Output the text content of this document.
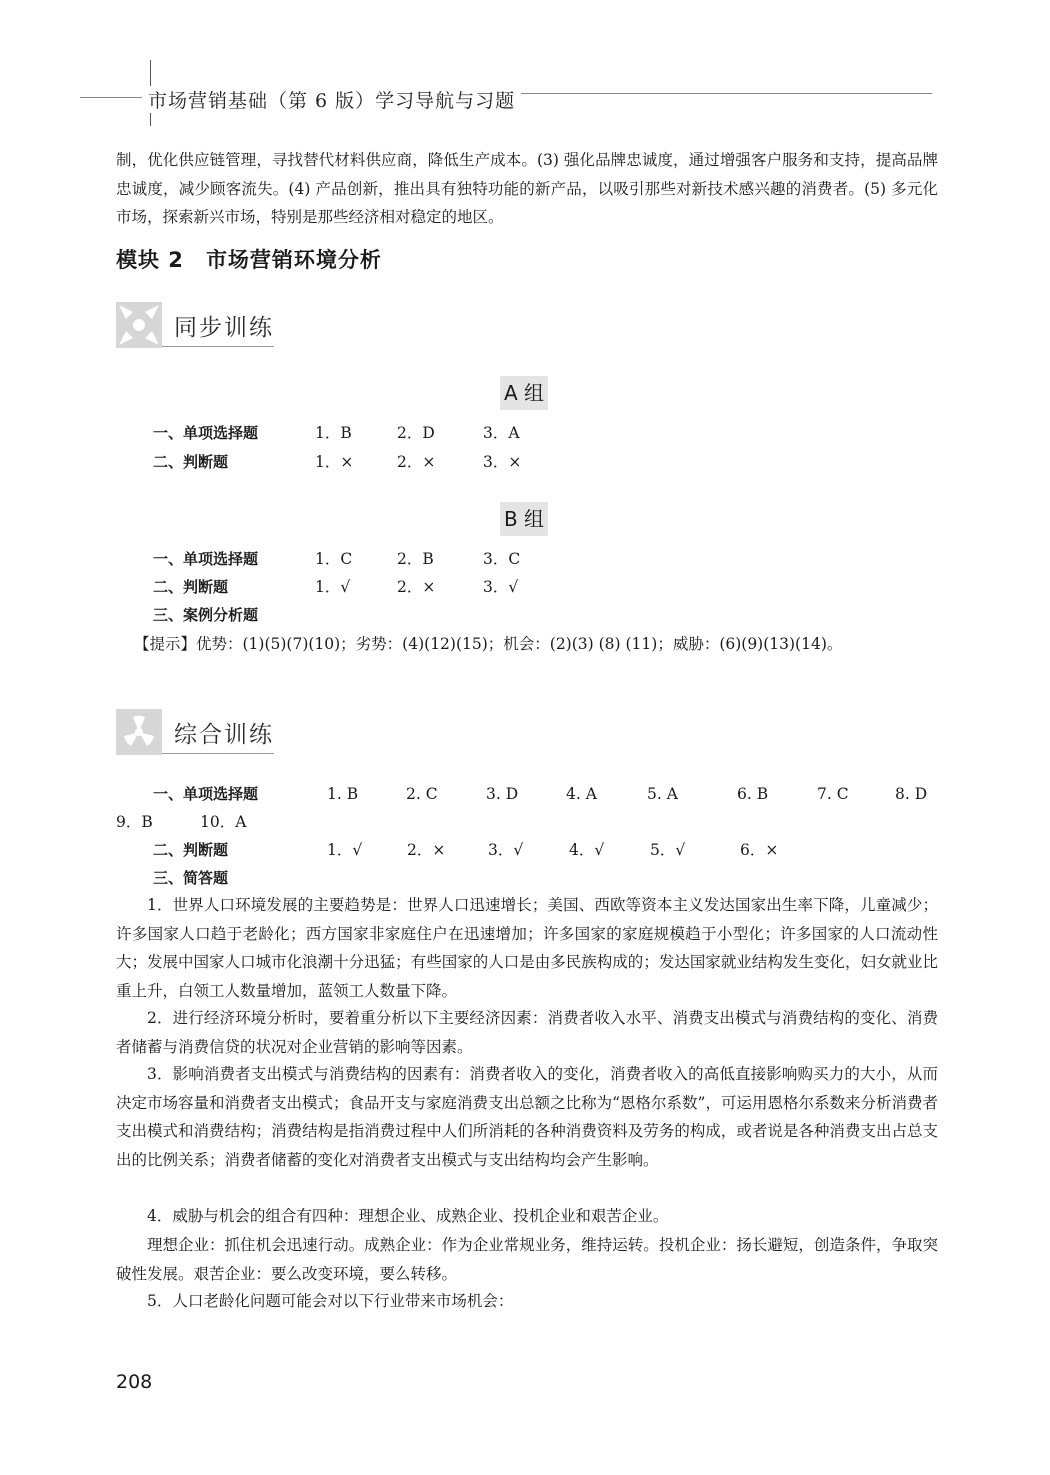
市场营销基础（第 6 版）学习导航与习题
制，优化供应链管理，寻找替代材料供应商，降低生产成本。(3) 强化品牌忠诚度，通过增强客户服务和支持，提高品牌忠诚度，减少顾客流失。(4) 产品创新，推出具有独特功能的新产品，以吸引那些对新技术感兴趣的消费者。(5) 多元化市场，探索新兴市场，特别是那些经济相对稳定的地区。
模块 2 市场营销环境分析
同步训练
A 组
一、单项选择题	1．B	2．D	3．A
二、判断题	1．×	2．×	3．×
B 组
一、单项选择题	1．C	2．B	3．C
二、判断题	1．√	2．×	3．√
三、案例分析题
【提示】优势：(1)(5)(7)(10)；劣势：(4)(12)(15)；机会：(2)(3) (8) (11)；威胁：(6)(9)(13)(14)。
综合训练
一、单项选择题	1. B	2. C	3. D	4. A	5. A	6. B	7. C	8. D
9．B	10．A
二、判断题	1．√	2．×	3．√	4．√	5．√	6．×
三、简答题
1．世界人口环境发展的主要趋势是：世界人口迅速增长；美国、西欧等资本主义发达国家出生率下降，儿童减少；许多国家人口趋于老龄化；西方国家非家庭住户在迅速增加；许多国家的家庭规模趋于小型化；许多国家的人口流动性大；发展中国家人口城市化浪潮十分迅猛；有些国家的人口是由多民族构成的；发达国家就业结构发生变化，妇女就业比重上升，白领工人数量增加，蓝领工人数量下降。
2．进行经济环境分析时，要着重分析以下主要经济因素：消费者收入水平、消费支出模式与消费结构的变化、消费者储蓄与消费信贷的状况对企业营销的影响等因素。
3．影响消费者支出模式与消费结构的因素有：消费者收入的变化，消费者收入的高低直接影响购买力的大小，从而决定市场容量和消费者支出模式；食品开支与家庭消费支出总额之比称为“恩格尔系数”，可运用恩格尔系数来分析消费者支出模式和消费结构；消费结构是指消费过程中人们所消耗的各种消费资料及劳务的构成，或者说是各种消费支出占总支出的比例关系；消费者储蓄的变化对消费者支出模式与支出结构均会产生影响。
4．威胁与机会的组合有四种：理想企业、成熟企业、投机企业和艰苦企业。
理想企业：抓住机会迅速行动。成熟企业：作为企业常规业务，维持运转。投机企业：扬长避短，创造条件，争取突破性发展。艰苦企业：要么改变环境，要么转移。
5．人口老龄化问题可能会对以下行业带来市场机会：
208
